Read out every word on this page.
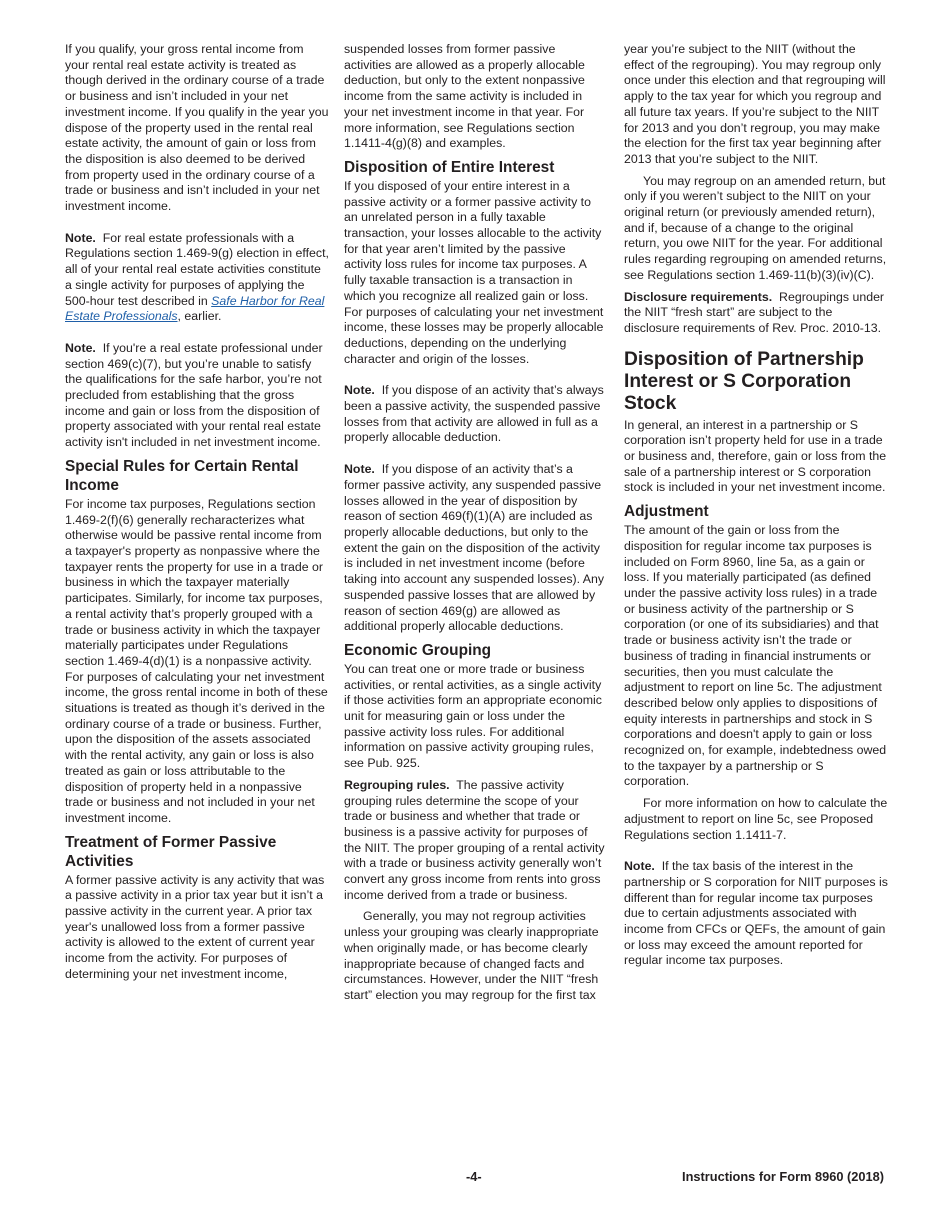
If you qualify, your gross rental income from your rental real estate activity is treated as though derived in the ordinary course of a trade or business and isn’t included in your net investment income. If you qualify in the year you dispose of the property used in the rental real estate activity, the amount of gain or loss from the disposition is also deemed to be derived from property used in the ordinary course of a trade or business and isn’t included in your net investment income.

Note. For real estate professionals with a Regulations section 1.469-9(g) election in effect, all of your rental real estate activities constitute a single activity for purposes of applying the 500-hour test described in Safe Harbor for Real Estate Professionals, earlier.

Note. If you're a real estate professional under section 469(c)(7), but you’re unable to satisfy the qualifications for the safe harbor, you’re not precluded from establishing that the gross income and gain or loss from the disposition of property associated with your rental real estate activity isn't included in net investment income.

Special Rules for Certain Rental Income

For income tax purposes, Regulations section 1.469-2(f)(6) generally recharacterizes what otherwise would be passive rental income from a taxpayer's property as nonpassive where the taxpayer rents the property for use in a trade or business in which the taxpayer materially participates. Similarly, for income tax purposes, a rental activity that’s properly grouped with a trade or business activity in which the taxpayer materially participates under Regulations section 1.469-4(d)(1) is a nonpassive activity. For purposes of calculating your net investment income, the gross rental income in both of these situations is treated as though it’s derived in the ordinary course of a trade or business. Further, upon the disposition of the assets associated with the rental activity, any gain or loss is also treated as gain or loss attributable to the disposition of property held in a nonpassive trade or business and not included in your net investment income.

Treatment of Former Passive Activities

A former passive activity is any activity that was a passive activity in a prior tax year but it isn’t a passive activity in the current year. A prior tax year's unallowed loss from a former passive activity is allowed to the extent of current year income from the activity. For purposes of determining your net investment income,

suspended losses from former passive activities are allowed as a properly allocable deduction, but only to the extent nonpassive income from the same activity is included in your net investment income in that year. For more information, see Regulations section 1.1411-4(g)(8) and examples.

Disposition of Entire Interest

If you disposed of your entire interest in a passive activity or a former passive activity to an unrelated person in a fully taxable transaction, your losses allocable to the activity for that year aren’t limited by the passive activity loss rules for income tax purposes. A fully taxable transaction is a transaction in which you recognize all realized gain or loss. For purposes of calculating your net investment income, these losses may be properly allocable deductions, depending on the underlying character and origin of the losses.

Note. If you dispose of an activity that’s always been a passive activity, the suspended passive losses from that activity are allowed in full as a properly allocable deduction.

Note. If you dispose of an activity that’s a former passive activity, any suspended passive losses allowed in the year of disposition by reason of section 469(f)(1)(A) are included as properly allocable deductions, but only to the extent the gain on the disposition of the activity is included in net investment income (before taking into account any suspended losses). Any suspended passive losses that are allowed by reason of section 469(g) are allowed as additional properly allocable deductions.

Economic Grouping

You can treat one or more trade or business activities, or rental activities, as a single activity if those activities form an appropriate economic unit for measuring gain or loss under the passive activity loss rules. For additional information on passive activity grouping rules, see Pub. 925.

Regrouping rules. The passive activity grouping rules determine the scope of your trade or business and whether that trade or business is a passive activity for purposes of the NIIT. The proper grouping of a rental activity with a trade or business activity generally won’t convert any gross income from rents into gross income derived from a trade or business.

Generally, you may not regroup activities unless your grouping was clearly inappropriate when originally made, or has become clearly inappropriate because of changed facts and circumstances. However, under the NIIT “fresh start” election you may regroup for the first tax

year you’re subject to the NIIT (without the effect of the regrouping). You may regroup only once under this election and that regrouping will apply to the tax year for which you regroup and all future tax years. If you’re subject to the NIIT for 2013 and you don’t regroup, you may make the election for the first tax year beginning after 2013 that you’re subject to the NIIT.

You may regroup on an amended return, but only if you weren’t subject to the NIIT on your original return (or previously amended return), and if, because of a change to the original return, you owe NIIT for the year. For additional rules regarding regrouping on amended returns, see Regulations section 1.469-11(b)(3)(iv)(C).

Disclosure requirements. Regroupings under the NIIT “fresh start” are subject to the disclosure requirements of Rev. Proc. 2010-13.

Disposition of Partnership Interest or S Corporation Stock

In general, an interest in a partnership or S corporation isn’t property held for use in a trade or business and, therefore, gain or loss from the sale of a partnership interest or S corporation stock is included in your net investment income.

Adjustment

The amount of the gain or loss from the disposition for regular income tax purposes is included on Form 8960, line 5a, as a gain or loss. If you materially participated (as defined under the passive activity loss rules) in a trade or business activity of the partnership or S corporation (or one of its subsidiaries) and that trade or business activity isn’t the trade or business of trading in financial instruments or securities, then you must calculate the adjustment to report on line 5c. The adjustment described below only applies to dispositions of equity interests in partnerships and stock in S corporations and doesn't apply to gain or loss recognized on, for example, indebtedness owed to the taxpayer by a partnership or S corporation.

For more information on how to calculate the adjustment to report on line 5c, see Proposed Regulations section 1.1411-7.

Note. If the tax basis of the interest in the partnership or S corporation for NIIT purposes is different than for regular income tax purposes due to certain adjustments associated with income from CFCs or QEFs, the amount of gain or loss may exceed the amount reported for regular income tax purposes.

-4-	Instructions for Form 8960 (2018)
